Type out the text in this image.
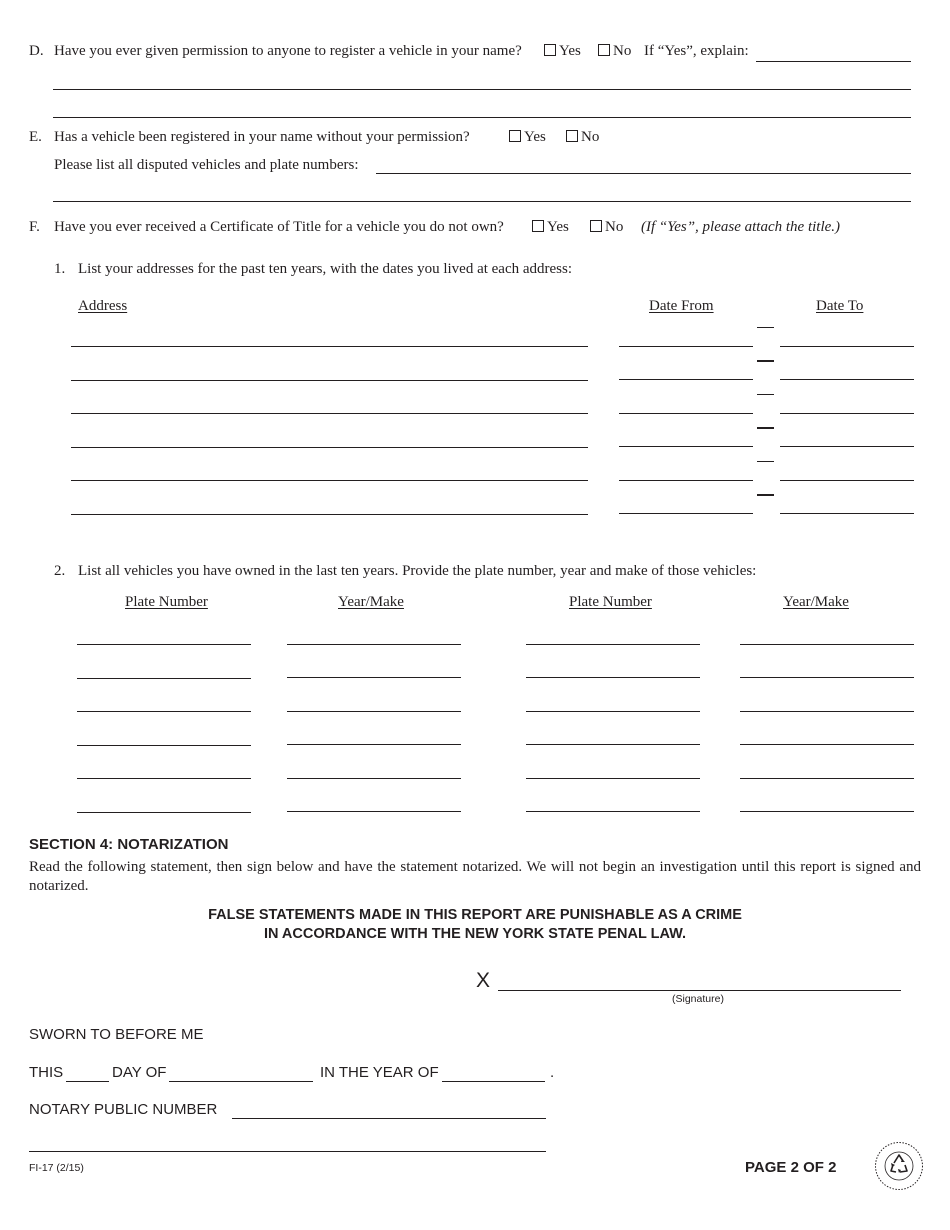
D. Have you ever given permission to anyone to register a vehicle in your name?	Yes	No If “Yes”, explain:
E. Has a vehicle been registered in your name without your permission?	Yes	No
Please list all disputed vehicles and plate numbers:
F. Have you ever received a Certificate of Title for a vehicle you do not own?	Yes	No (If “Yes”, please attach the title.)
1. List your addresses for the past ten years, with the dates you lived at each address:
Address	Date From	Date To
2. List all vehicles you have owned in the last ten years. Provide the plate number, year and make of those vehicles:
Plate Number	Year/Make	Plate Number	Year/Make
SECTION 4: NOTARIZATION
Read the following statement, then sign below and have the statement notarized. We will not begin an investigation until this report is signed and notarized.
FALSE STATEMENTS MADE IN THIS REPORT ARE PUNISHABLE AS A CRIME
IN ACCORDANCE WITH THE NEW YORK STATE PENAL LAW.
X
(Signature)
SWORN TO BEFORE ME
THIS	DAY OF	IN THE YEAR OF	.
NOTARY PUBLIC NUMBER
FI-17 (2/15)	PAGE 2 OF 2
